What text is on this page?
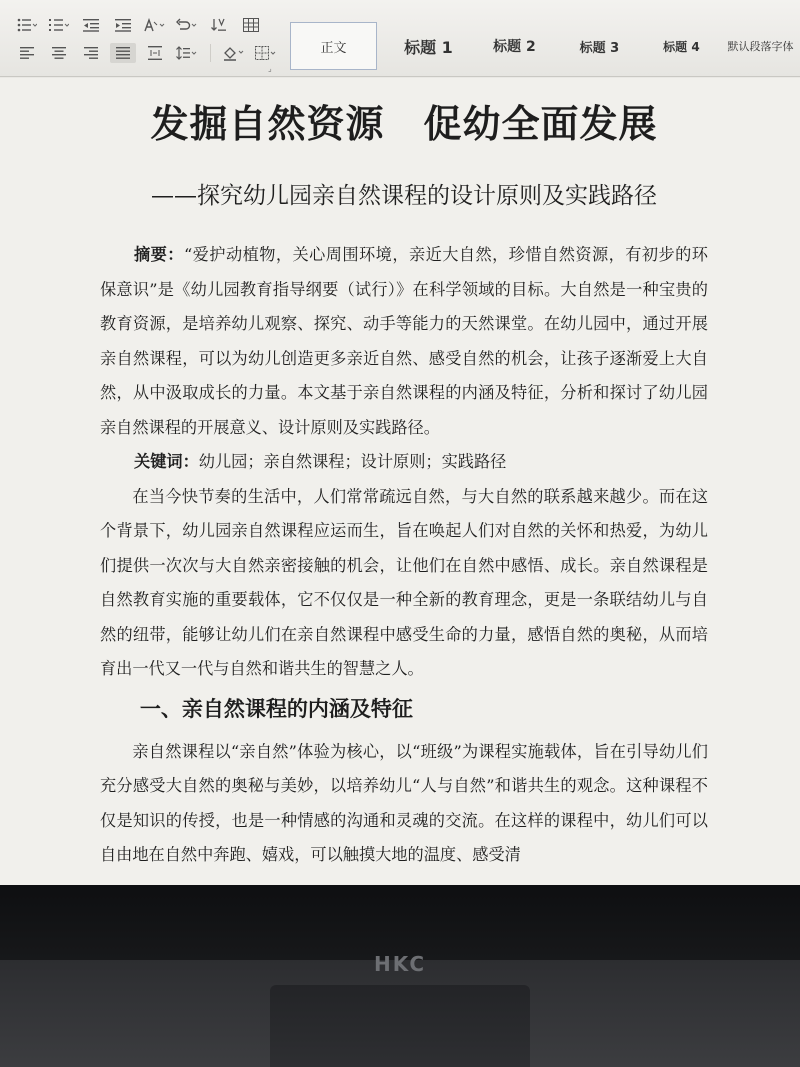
⌟
正文	标题 1	标题 2	标题 3	标题 4	默认段落字体
发掘自然资源　促幼全面发展
——探究幼儿园亲自然课程的设计原则及实践路径

摘要：“爱护动植物，关心周围环境，亲近大自然，珍惜自然资源，有初步的环保意识”是《幼儿园教育指导纲要（试行）》在科学领域的目标。大自然是一种宝贵的教育资源，是培养幼儿观察、探究、动手等能力的天然课堂。在幼儿园中，通过开展亲自然课程，可以为幼儿创造更多亲近自然、感受自然的机会，让孩子逐渐爱上大自然，从中汲取成长的力量。本文基于亲自然课程的内涵及特征，分析和探讨了幼儿园亲自然课程的开展意义、设计原则及实践路径。

关键词：幼儿园；亲自然课程；设计原则；实践路径

在当今快节奏的生活中，人们常常疏远自然，与大自然的联系越来越少。而在这个背景下，幼儿园亲自然课程应运而生，旨在唤起人们对自然的关怀和热爱，为幼儿们提供一次次与大自然亲密接触的机会，让他们在自然中感悟、成长。亲自然课程是自然教育实施的重要载体，它不仅仅是一种全新的教育理念，更是一条联结幼儿与自然的纽带，能够让幼儿们在亲自然课程中感受生命的力量，感悟自然的奥秘，从而培育出一代又一代与自然和谐共生的智慧之人。

一、亲自然课程的内涵及特征

亲自然课程以“亲自然”体验为核心，以“班级”为课程实施载体，旨在引导幼儿们充分感受大自然的奥秘与美妙，以培养幼儿“人与自然”和谐共生的观念。这种课程不仅是知识的传授，也是一种情感的沟通和灵魂的交流。在这样的课程中，幼儿们可以自由地在自然中奔跑、嬉戏，可以触摸大地的温度、感受清

HKC
